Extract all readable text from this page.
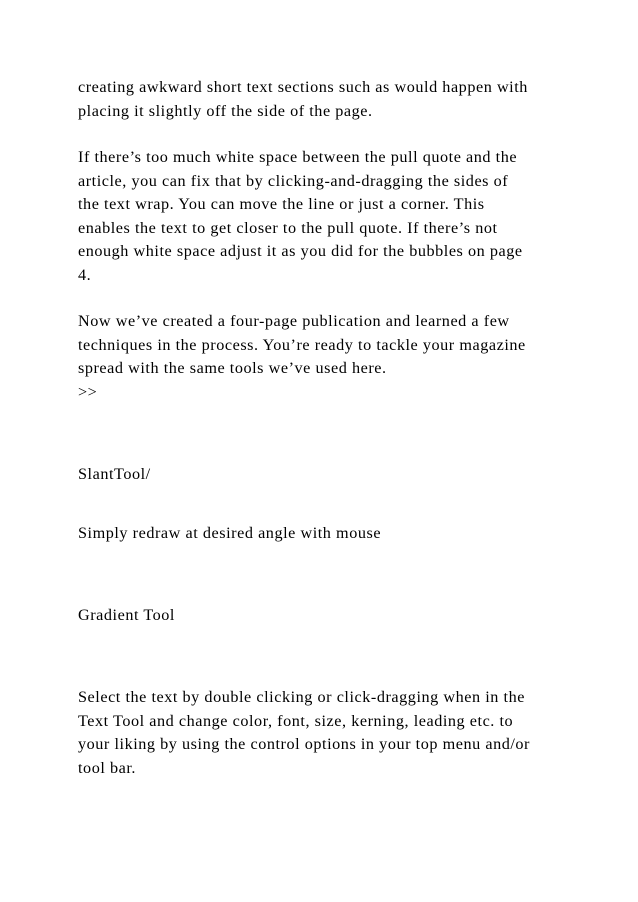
creating awkward short text sections such as would happen with
placing it slightly off the side of the page.

If there’s too much white space between the pull quote and the
article, you can fix that by clicking-and-dragging the sides of
the text wrap. You can move the line or just a corner. This
enables the text to get closer to the pull quote. If there’s not
enough white space adjust it as you did for the bubbles on page
4.

Now we’ve created a four-page publication and learned a few
techniques in the process. You’re ready to tackle your magazine
spread with the same tools we’ve used here.

>>

SlantTool/

Simply redraw at desired angle with mouse

Gradient Tool

Select the text by double clicking or click-dragging when in the
Text Tool and change color, font, size, kerning, leading etc. to
your liking by using the control options in your top menu and/or
tool bar.
